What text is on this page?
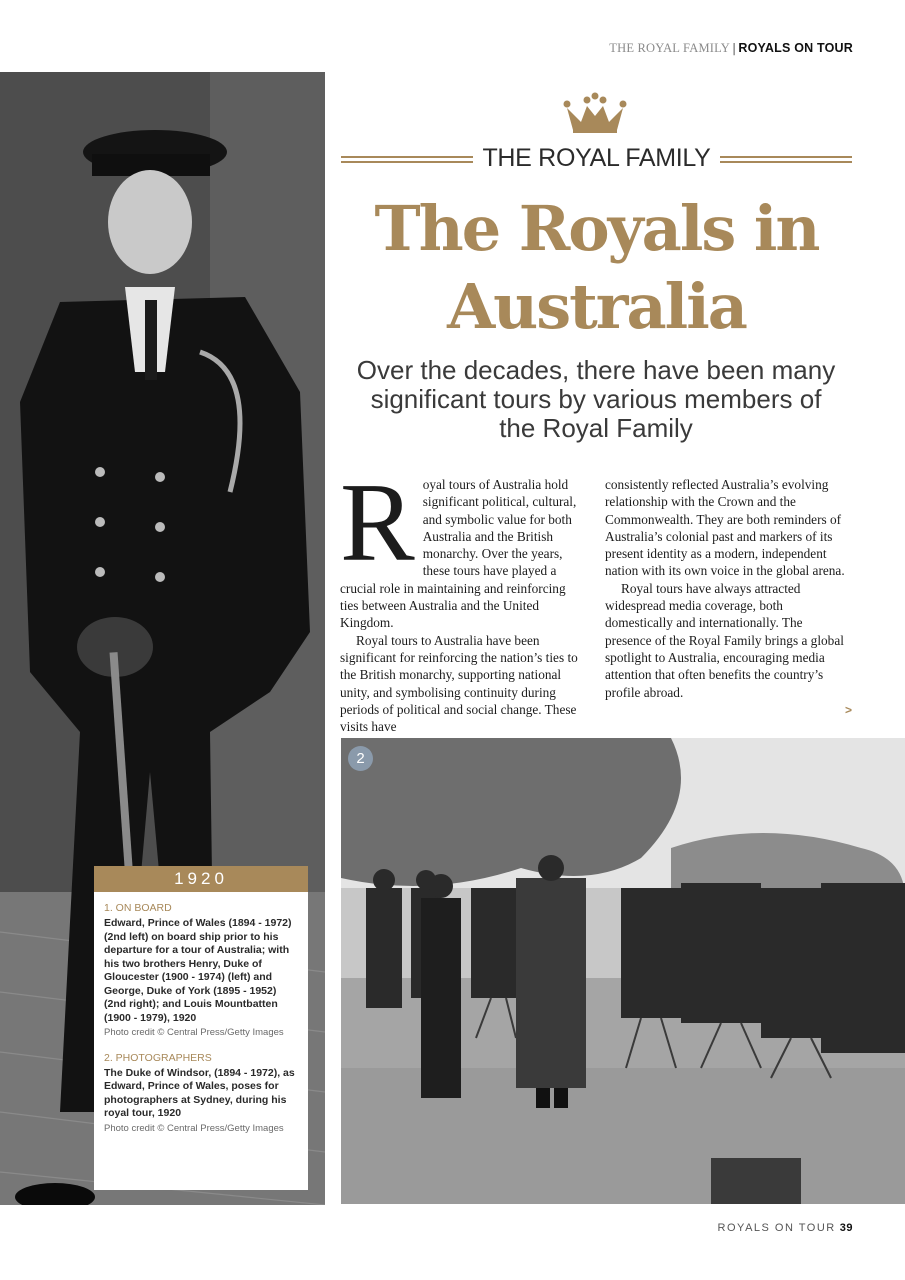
THE ROYAL FAMILY | ROYALS ON TOUR
1920

1. ON BOARD

Edward, Prince of Wales (1894 - 1972) (2nd left) on board ship prior to his departure for a tour of Australia; with his two brothers Henry, Duke of Gloucester (1900 - 1974) (left) and George, Duke of York (1895 - 1952) (2nd right); and Louis Mountbatten (1900 - 1979), 1920

Photo credit © Central Press/Getty Images

2. PHOTOGRAPHERS

The Duke of Windsor, (1894 - 1972), as Edward, Prince of Wales, poses for photographers at Sydney, during his royal tour, 1920

Photo credit © Central Press/Getty Images

THE ROYAL FAMILY
The Royals in
Australia

Over the decades, there have been many significant tours by various members of the Royal Family

Royal tours of Australia hold significant political, cultural, and symbolic value for both Australia and the British monarchy. Over the years, these tours have played a crucial role in maintaining and reinforcing ties between Australia and the United Kingdom.

Royal tours to Australia have been significant for reinforcing the nation’s ties to the British monarchy, supporting national unity, and symbolising continuity during periods of political and social change. These visits have

consistently reflected Australia’s evolving relationship with the Crown and the Commonwealth. They are both reminders of Australia’s colonial past and markers of its present identity as a modern, independent nation with its own voice in the global arena.

Royal tours have always attracted widespread media coverage, both domestically and internationally. The presence of the Royal Family brings a global spotlight to Australia, encouraging media attention that often benefits the country’s profile abroad.

>
2
ROYALS ON TOUR 39
